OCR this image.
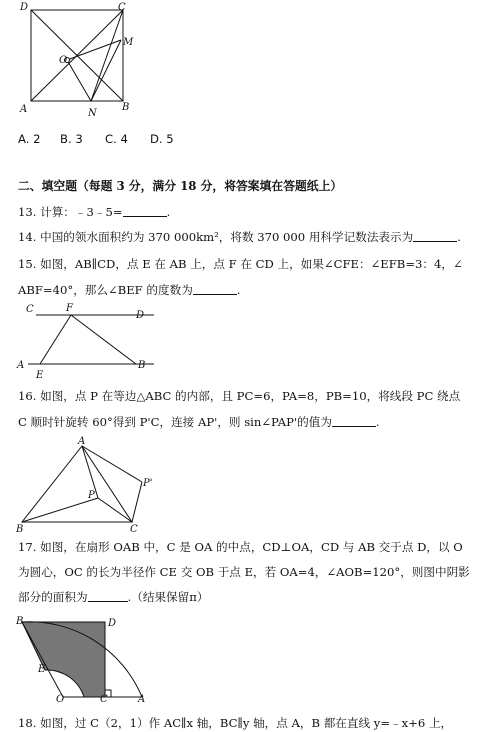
D	C
M
O
A	N
B
A. 2 B. 3 C. 4 D. 5
二、填空题（每题 3 分，满分 18 分，将答案填在答题纸上）
13. 计算：﹣3﹣5=	.
14. 中国的领水面积约为 370 000km²，将数 370 000 用科学记数法表示为	.
15. 如图，AB∥CD，点 E 在 AB 上，点 F 在 CD 上，如果∠CFE：∠EFB=3：4，∠
ABF=40°，那么∠BEF 的度数为	.
C	F
D
A
E
B
16. 如图，点 P 在等边△ABC 的内部，且 PC=6，PA=8，PB=10，将线段 PC 绕点
C 顺时针旋转 60°得到 P'C，连接 AP'，则 sin∠PAP'的值为	.
A
P'
P
B	C
17. 如图，在扇形 OAB 中，C 是 OA 的中点，CD⊥OA，CD 与 AB 交于点 D，以 O
为圆心，OC 的长为半径作 CE 交 OB 于点 E，若 OA=4，∠AOB=120°，则图中阴影
部分的面积为	.（结果保留π）
B	D
E
O	C	A
18. 如图，过 C（2，1）作 AC∥x 轴，BC∥y 轴，点 A，B 都在直线 y=﹣x+6 上，
